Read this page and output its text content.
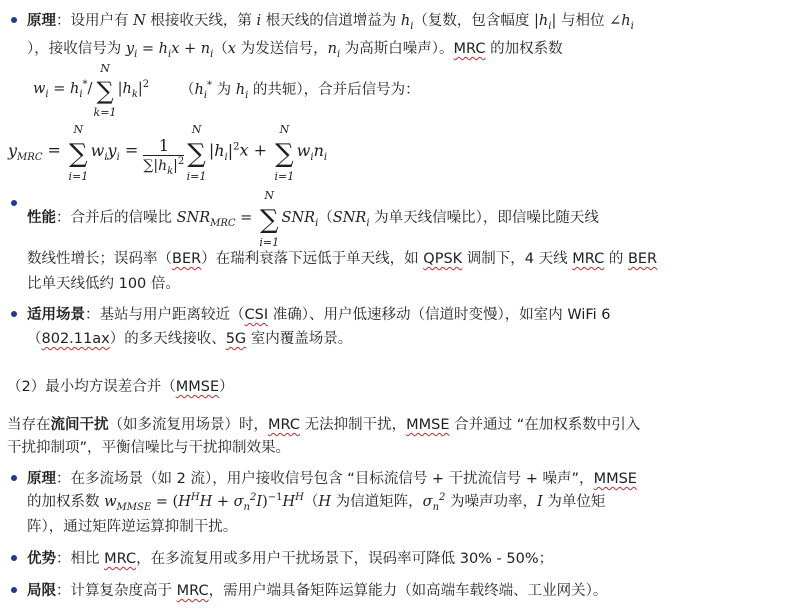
原理：设用户有 N 根接收天线，第 i 根天线的信道增益为 $h_i$（复数，包含幅度 $|h_i|$ 与相位 $\angle h_i$
），接收信号为 $y_i = h_ix + n_i(x$ 为发送信号，$n_i$ 为高斯白噪声）。MRC 的加权系数
$w_i = h_i^*/$ ∑
N
k=1
$|h_k|^2$ （$h_i^*$ 为 $h_i$ 的共轭），合并后信号为：
$y_{MRC}$ = ∑
N
i=1
$w_iy_i = \frac{1}{\sum|h_k|^2}$ ∑
N
i=1
$|h_i|^2x$ + ∑
N
i=1
$w_in_i$
性能：合并后的信噪比 $SNR_{MRC}$ = ∑
N
i=1
$SNR_i(SNR_i$ 为单天线信噪比），即信噪比随天线
数线性增长；误码率（BER）在瑞利衰落下远低于单天线，如 QPSK 调制下，4 天线 MRC 的 BER
比单天线低约 100 倍。
适用场景：基站与用户距离较近（CSI 准确）、用户低速移动（信道时变慢），如室内 WiFi 6
（802.11ax）的多天线接收、5G 室内覆盖场景。
（2）最小均方误差合并（MMSE）
当存在流间干扰（如多流复用场景）时，MRC 无法抑制干扰，MMSE 合并通过 “在加权系数中引入
干扰抑制项”，平衡信噪比与干扰抑制效果。
原理：在多流场景（如 2 流），用户接收信号包含 “目标流信号 + 干扰流信号 + 噪声”，MMSE
的加权系数 $w_{MMSE} = (H^HH + \sigma_n^2I)^{-1}H^H(H$ 为信道矩阵，$\sigma_n^2$ 为噪声功率，I 为单位矩
阵），通过矩阵逆运算抑制干扰。
优势：相比 MRC，在多流复用或多用户干扰场景下，误码率可降低 30% - 50%；
局限：计算复杂度高于 MRC，需用户端具备矩阵运算能力（如高端车载终端、工业网关）。
